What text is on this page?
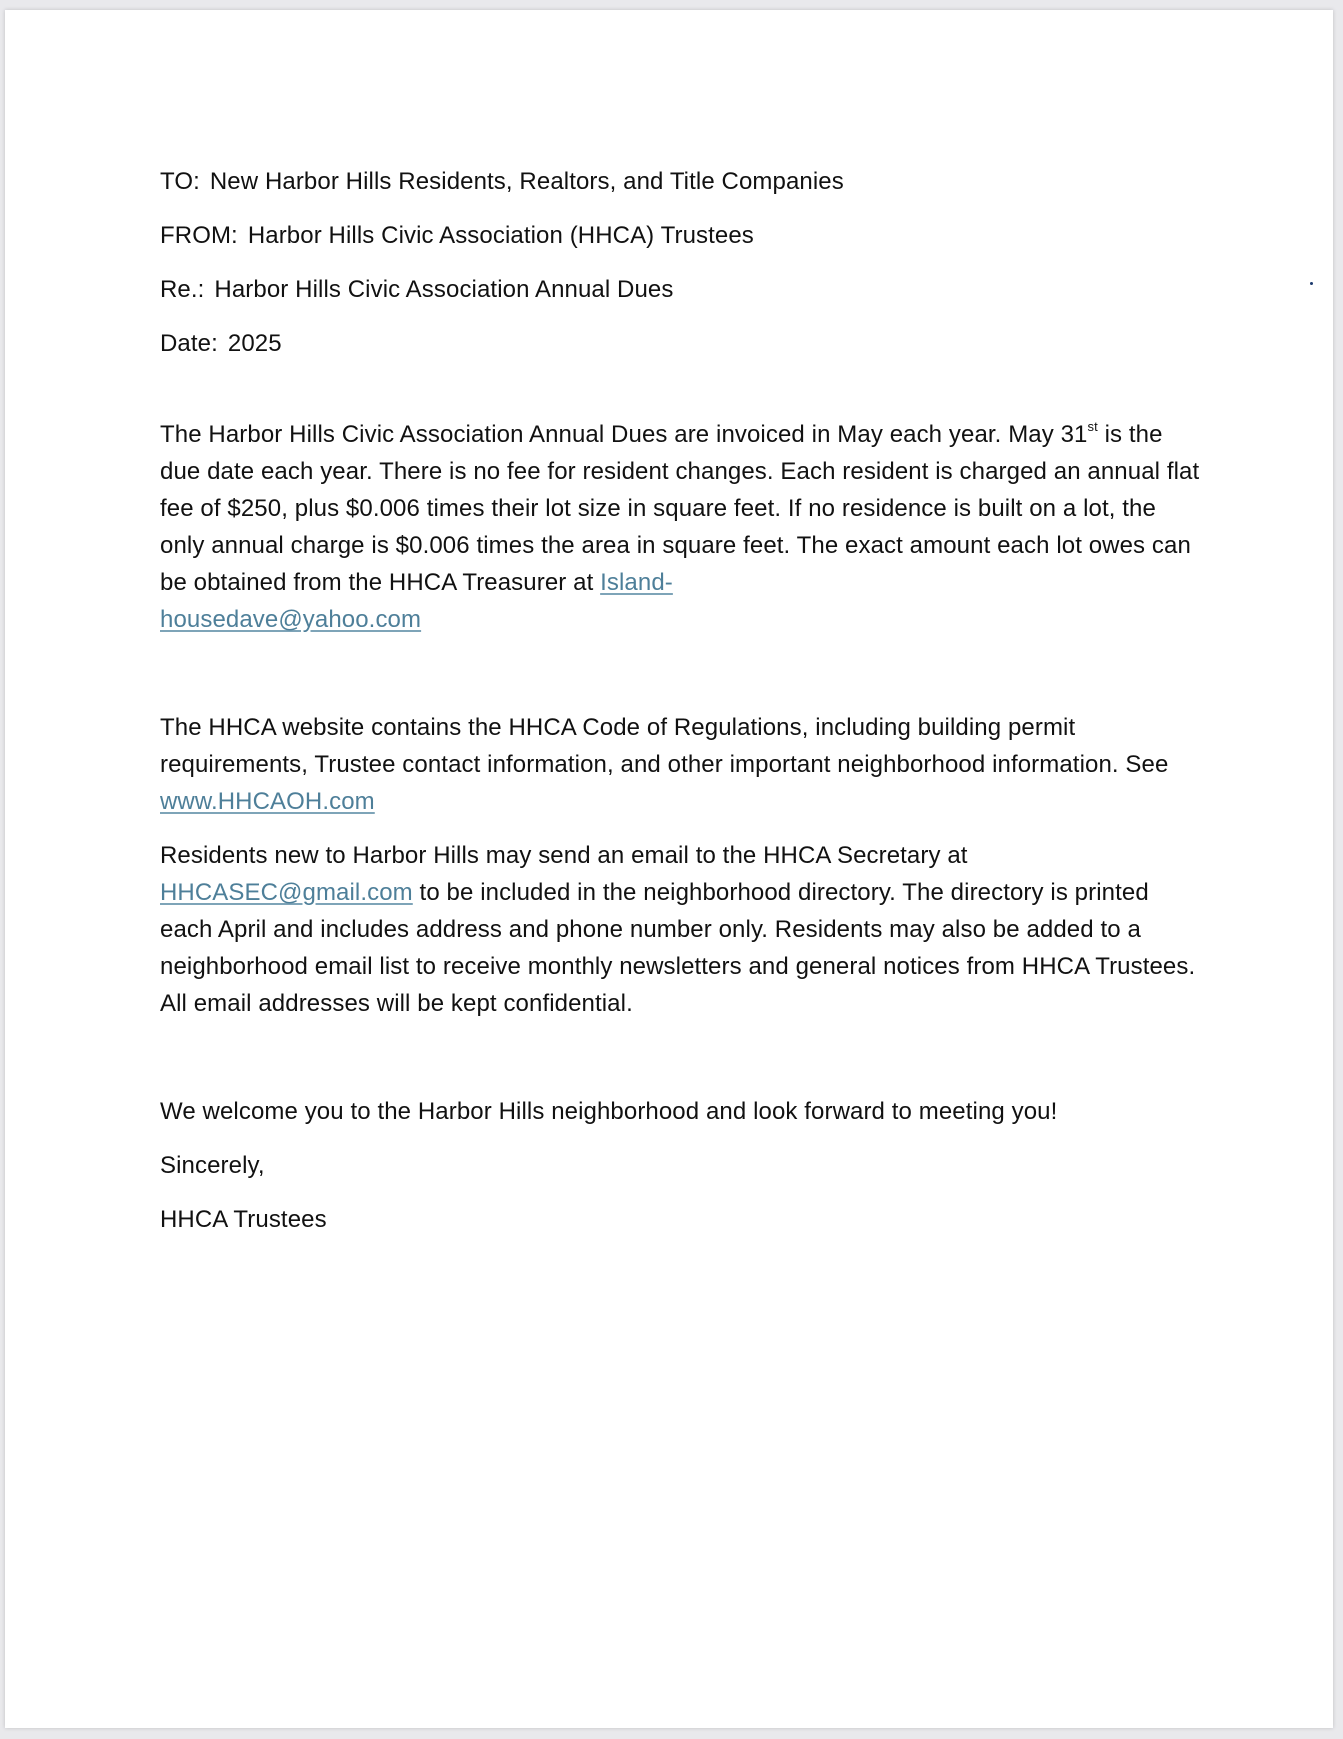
TO: New Harbor Hills Residents, Realtors, and Title Companies
FROM: Harbor Hills Civic Association (HHCA) Trustees
Re.: Harbor Hills Civic Association Annual Dues
Date: 2025

The Harbor Hills Civic Association Annual Dues are invoiced in May each year. May 31st is the due date each year. There is no fee for resident changes. Each resident is charged an annual flat fee of $250, plus $0.006 times their lot size in square feet. If no residence is built on a lot, the only annual charge is $0.006 times the area in square feet. The exact amount each lot owes can be obtained from the HHCA Treasurer at Island-
housedave@yahoo.com

The HHCA website contains the HHCA Code of Regulations, including building permit requirements, Trustee contact information, and other important neighborhood information. See www.HHCAOH.com

Residents new to Harbor Hills may send an email to the HHCA Secretary at HHCASEC@gmail.com to be included in the neighborhood directory. The directory is printed each April and includes address and phone number only. Residents may also be added to a neighborhood email list to receive monthly newsletters and general notices from HHCA Trustees. All email addresses will be kept confidential.

We welcome you to the Harbor Hills neighborhood and look forward to meeting you!
Sincerely,
HHCA Trustees
